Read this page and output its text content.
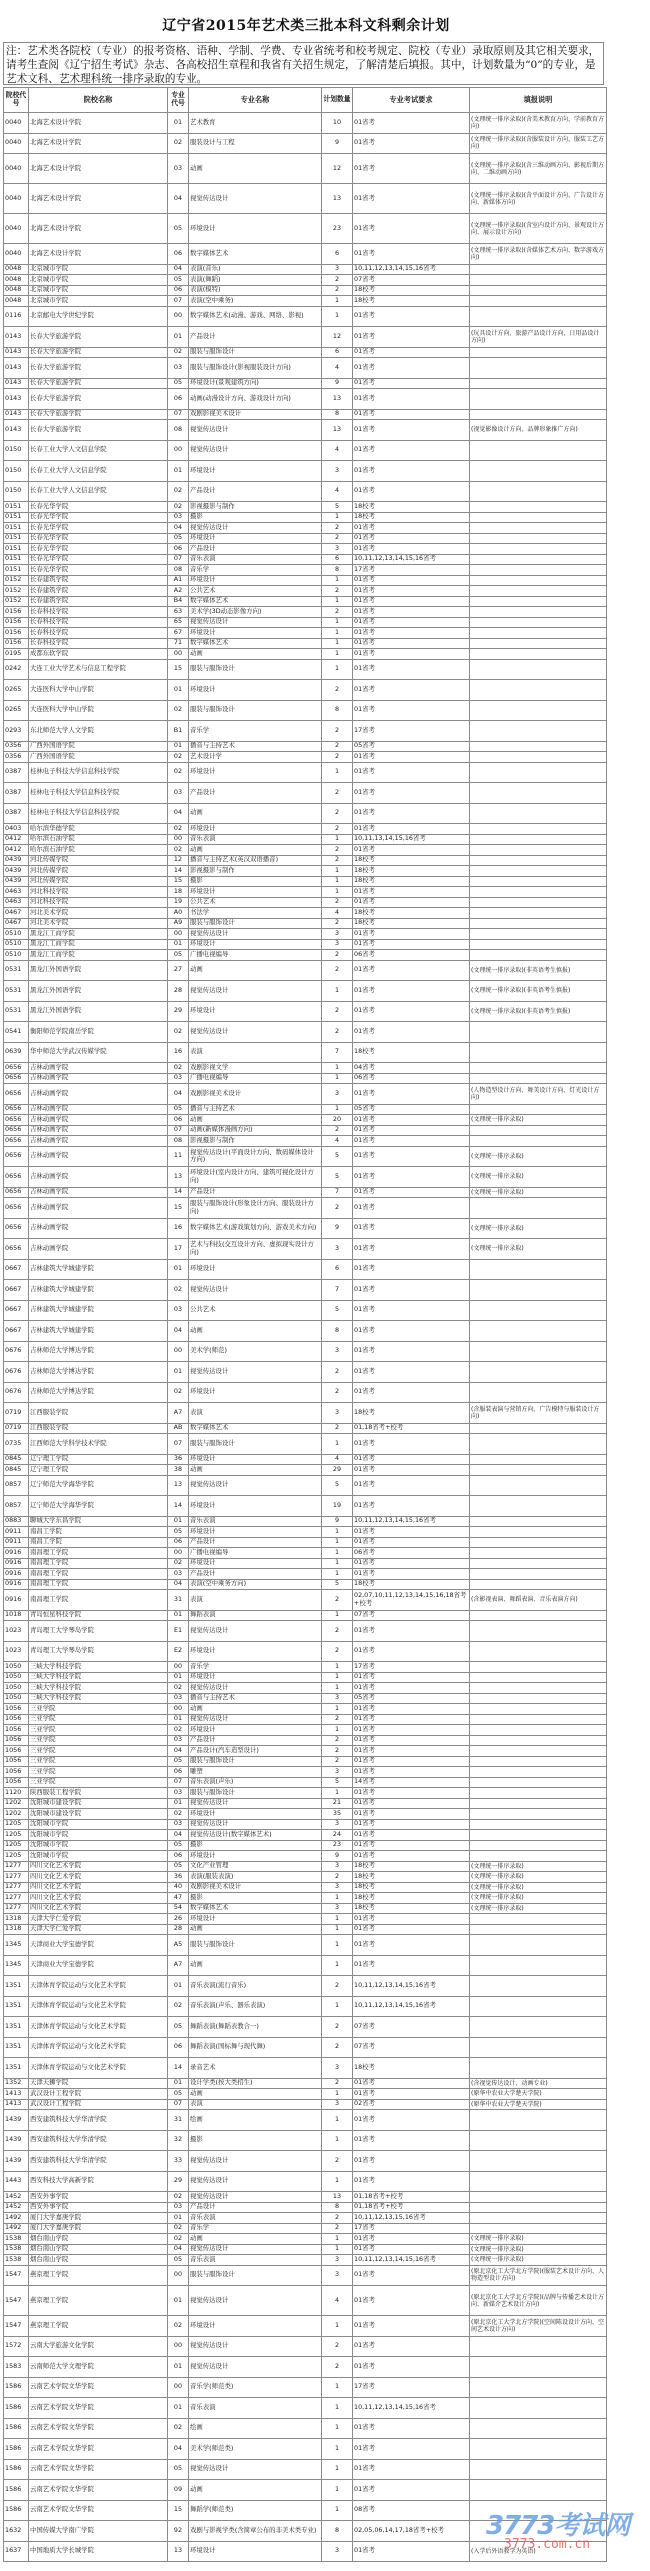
辽宁省2015年艺术类三批本科文科剩余计划
注：艺术类各院校（专业）的报考资格、语种、学制、学费、专业省统考和校考规定、院校（专业）录取原则及其它相关要求，请考生查阅《辽宁招生考试》杂志、各高校招生章程和我省有关招生规定，了解清楚后填报。其中，计划数量为“0”的专业，是艺术文科、艺术理科统一排序录取的专业。
院校代号	院校名称	专业代号	专业名称	计划数量	专业考试要求	填报说明
0040	北海艺术设计学院	01	艺术教育	10	01省考	(文理统一排序录取)(含美术教育方向、学前教育方向)
0040	北海艺术设计学院	02	服装设计与工程	9	01省考	(文理统一排序录取)(含服装设计方向、服装工艺方向)
0040	北海艺术设计学院	03	动画	12	01省考	(文理统一排序录取)(含三维动画方向、影视后期方向、二维动画方向)
0040	北海艺术设计学院	04	视觉传达设计	13	01省考	(文理统一排序录取)(含平面设计方向、广告设计方向、新媒体方向)
0040	北海艺术设计学院	05	环境设计	23	01省考	(文理统一排序录取)(含室内设计方向、景观设计方向、展示设计方向)
0040	北海艺术设计学院	06	数字媒体艺术	6	01省考	(文理统一排序录取)(含媒体艺术方向、数字游戏方向)
0048	北京城市学院	04	表演(音乐)	3	10,11,12,13,14,15,16省考	
0048	北京城市学院	05	表演(舞蹈)	2	07省考	
0048	北京城市学院	06	表演(模特)	2	18校考	
0048	北京城市学院	07	表演(空中乘务)	1	18校考	
0116	北京邮电大学世纪学院	00	数字媒体艺术(动漫、游戏、网络、影视)	1	01省考	
0143	长春大学旅游学院	01	产品设计	12	01省考	(玩具设计方向、旅游产品设计方向、日用品设计方向)
0143	长春大学旅游学院	02	服装与服饰设计	6	01省考	
0143	长春大学旅游学院	03	服装与服饰设计(影视服装设计方向)	4	01省考	
0143	长春大学旅游学院	05	环境设计(景观建筑方向)	9	01省考	
0143	长春大学旅游学院	06	动画(动漫设计方向、游戏设计方向)	13	01省考	
0143	长春大学旅游学院	07	戏剧影视美术设计	8	01省考	
0143	长春大学旅游学院	08	视觉传达设计	13	01省考	(视觉影像设计方向、品牌形象推广方向)
0150	长春工业大学人文信息学院	00	视觉传达设计	4	01省考	
0150	长春工业大学人文信息学院	01	环境设计	3	01省考	
0150	长春工业大学人文信息学院	02	产品设计	4	01省考	
0151	长春光华学院	02	影视摄影与制作	5	18校考	
0151	长春光华学院	03	摄影	1	18校考	
0151	长春光华学院	04	视觉传达设计	2	01省考	
0151	长春光华学院	05	环境设计	2	01省考	
0151	长春光华学院	06	产品设计	3	01省考	
0151	长春光华学院	07	音乐表演	6	10,11,12,13,14,15,16省考	
0151	长春光华学院	08	音乐学	8	17省考	
0152	长春建筑学院	A1	环境设计	1	01省考	
0152	长春建筑学院	A2	公共艺术	2	01省考	
0152	长春建筑学院	B4	数字媒体艺术	1	01省考	
0156	长春科技学院	63	美术学(3D动态影像方向)	2	01省考	
0156	长春科技学院	65	视觉传达设计	1	01省考	
0156	长春科技学院	67	环境设计	1	01省考	
0156	长春科技学院	71	数字媒体艺术	1	01省考	
0195	成都东软学院	00	动画	1	01省考	
0242	大连工业大学艺术与信息工程学院	15	服装与服饰设计	1	01省考	
0265	大连医科大学中山学院	01	环境设计	2	01省考	
0265	大连医科大学中山学院	02	服装与服饰设计	8	01省考	
0293	东北师范大学人文学院	B1	音乐学	2	17省考	
0356	广西外国语学院	01	播音与主持艺术	2	05省考	
0356	广西外国语学院	02	艺术设计学	2	01省考	
0387	桂林电子科技大学信息科技学院	02	环境设计	1	01省考	
0387	桂林电子科技大学信息科技学院	03	产品设计	2	01省考	
0387	桂林电子科技大学信息科技学院	04	动画	2	01省考	
0403	哈尔滨华德学院	02	环境设计	2	01省考	
0412	哈尔滨石油学院	00	音乐表演	1	10,11,13,14,15,16省考	
0412	哈尔滨石油学院	02	动画	2	01省考	
0439	河北传媒学院	12	播音与主持艺术(英汉双语播音)	2	18校考	
0439	河北传媒学院	14	影视摄影与制作	1	18校考	
0439	河北传媒学院	15	摄影	1	18校考	
0463	河北科技学院	18	环境设计	1	01省考	
0463	河北科技学院	19	公共艺术	2	01省考	
0467	河北美术学院	A0	书法学	4	18校考	
0467	河北美术学院	A9	服装与服饰设计	2	18校考	
0510	黑龙江工商学院	00	视觉传达设计	3	01省考	
0510	黑龙江工商学院	01	环境设计	3	01省考	
0510	黑龙江工商学院	05	广播电视编导	2	06省考	
0531	黑龙江外国语学院	27	动画	2	01省考	(文理统一排序录取)(非英语考生慎报)
0531	黑龙江外国语学院	28	视觉传达设计	1	01省考	(文理统一排序录取)(非英语考生慎报)
0531	黑龙江外国语学院	29	环境设计	2	01省考	(文理统一排序录取)(非英语考生慎报)
0541	衡阳师范学院南岳学院	02	视觉传达设计	2	01省考	
0639	华中师范大学武汉传媒学院	16	表演	7	18校考	
0656	吉林动画学院	02	戏剧影视文学	1	04省考	
0656	吉林动画学院	03	广播电视编导	1	06省考	
0656	吉林动画学院	04	戏剧影视美术设计	3	01省考	(人物造型设计方向、舞美设计方向、灯光设计方向)
0656	吉林动画学院	05	播音与主持艺术	1	05省考	
0656	吉林动画学院	06	动画	20	01省考	(文理统一排序录取)
0656	吉林动画学院	07	动画(新媒体漫画方向)	2	01省考	
0656	吉林动画学院	08	影视摄影与制作	4	01省考	
0656	吉林动画学院	11	视觉传达设计(平面设计方向、数码媒体设计方向)	5	01省考	(文理统一排序录取)
0656	吉林动画学院	13	环境设计(室内设计方向、建筑可视化设计方向)	5	01省考	(文理统一排序录取)
0656	吉林动画学院	14	产品设计	7	01省考	(文理统一排序录取)
0656	吉林动画学院	15	服装与服饰设计(形象设计方向、服装设计方向)	2	01省考	
0656	吉林动画学院	16	数字媒体艺术(游戏策划方向、游戏美术方向)	9	01省考	(文理统一排序录取)
0656	吉林动画学院	17	艺术与科技(交互设计方向、虚拟现实设计方向)	3	01省考	(文理统一排序录取)
0667	吉林建筑大学城建学院	01	环境设计	6	01省考	
0667	吉林建筑大学城建学院	02	视觉传达设计	7	01省考	
0667	吉林建筑大学城建学院	03	公共艺术	5	01省考	
0667	吉林建筑大学城建学院	04	动画	8	01省考	
0676	吉林师范大学博达学院	00	美术学(师范)	3	01省考	
0676	吉林师范大学博达学院	01	视觉传达设计	2	01省考	
0676	吉林师范大学博达学院	02	环境设计	2	01省考	
0719	江西服装学院	A7	表演	3	18校考	(含服装表演与营销方向、广告模特与服装设计方向)
0719	江西服装学院	AB	数字媒体艺术	2	01,18省考+校考	
0735	江西师范大学科学技术学院	07	服装与服饰设计	1	01省考	
0845	辽宁理工学院	36	环境设计	4	01省考	
0845	辽宁理工学院	38	动画	29	01省考	
0857	辽宁师范大学海华学院	13	视觉传达设计	5	01省考	
0857	辽宁师范大学海华学院	14	环境设计	19	01省考	
0883	聊城大学东昌学院	01	音乐表演	9	10,11,12,13,14,15,16省考	
0911	南昌工学院	05	环境设计	1	01省考	
0911	南昌工学院	06	产品设计	1	01省考	
0916	南昌理工学院	00	广播电视编导	1	06省考	
0916	南昌理工学院	02	环境设计	1	01省考	
0916	南昌理工学院	03	产品设计	1	01省考	
0916	南昌理工学院	04	表演(空中乘务方向)	5	18校考	
0916	南昌理工学院	31	表演	2	02,07,10,11,12,13,14,15,16,18省考+校考	(含影视表演、舞蹈表演、音乐表演方向)
1018	青岛恒星科技学院	01	舞蹈表演	1	07省考	
1023	青岛理工大学琴岛学院	E1	视觉传达设计	2	01省考	
1023	青岛理工大学琴岛学院	E2	环境设计	2	01省考	
1050	三峡大学科技学院	00	音乐学	1	17省考	
1050	三峡大学科技学院	01	环境设计	1	01省考	
1050	三峡大学科技学院	02	视觉传达设计	1	01省考	
1050	三峡大学科技学院	03	播音与主持艺术	3	05省考	
1056	三亚学院	00	动画	1	01省考	
1056	三亚学院	01	视觉传达设计	2	01省考	
1056	三亚学院	02	环境设计	1	01省考	
1056	三亚学院	03	产品设计	2	01省考	
1056	三亚学院	04	产品设计(汽车造型设计)	2	01省考	
1056	三亚学院	05	服装与服饰设计	2	01省考	
1056	三亚学院	06	雕塑	3	01省考	
1056	三亚学院	07	音乐表演(声乐)	5	14省考	
1120	陕西服装工程学院	03	服装与服饰设计	1	01省考	
1202	沈阳城市建设学院	01	视觉传达设计	21	01省考	
1202	沈阳城市建设学院	02	环境设计	35	01省考	
1205	沈阳城市学院	03	视觉传达设计	3	01省考	
1205	沈阳城市学院	04	视觉传达设计(数字媒体艺术)	24	01省考	
1205	沈阳城市学院	05	摄影	23	01省考	
1205	沈阳城市学院	06	环境设计	9	01省考	
1277	四川文化艺术学院	05	文化产业管理	3	18校考	(文理统一排序录取)
1277	四川文化艺术学院	36	表演(服装表演)	2	18校考	(文理统一排序录取)
1277	四川文化艺术学院	40	戏剧影视美术设计	3	18校考	(文理统一排序录取)
1277	四川文化艺术学院	47	摄影	1	18校考	(文理统一排序录取)
1277	四川文化艺术学院	54	数字媒体艺术	3	18校考	(文理统一排序录取)
1318	天津大学仁爱学院	26	环境设计	1	01省考	
1318	天津大学仁爱学院	28	动画	1	01省考	
1345	天津商业大学宝德学院	A5	服装与服饰设计	1	01省考	
1345	天津商业大学宝德学院	A7	动画	1	01省考	
1351	天津体育学院运动与文化艺术学院	01	音乐表演(流行音乐)	2	10,11,12,13,14,15,16省考	
1351	天津体育学院运动与文化艺术学院	02	音乐表演(声乐、器乐表演)	1	10,11,12,13,14,15,16省考	
1351	天津体育学院运动与文化艺术学院	05	舞蹈表演(舞蹈表教合一)	2	07省考	
1351	天津体育学院运动与文化艺术学院	06	舞蹈表演(国标舞与现代舞)	2	07省考	
1351	天津体育学院运动与文化艺术学院	14	录音艺术	3	18校考	
1352	天津天狮学院	01	设计学类(按大类招生)	2	01省考	(含视觉传达设计、动画专业)
1413	武汉设计工程学院	05	动画	1	01省考	(原华中农业大学楚天学院)
1413	武汉设计工程学院	07	表演	3	02省考	(原华中农业大学楚天学院)
1439	西安建筑科技大学华清学院	31	绘画	1	01省考	
1439	西安建筑科技大学华清学院	32	摄影	1	01省考	
1439	西安建筑科技大学华清学院	33	视觉传达设计	2	01省考	
1443	西安科技大学高新学院	29	视觉传达设计	1	01省考	
1452	西安外事学院	02	视觉传达设计	13	01,18省考+校考	
1452	西安外事学院	03	产品设计	8	01,18省考+校考	
1492	厦门大学嘉庚学院	01	音乐表演	2	10,11,12,13,15,16省考	
1492	厦门大学嘉庚学院	02	音乐学	2	17省考	
1538	烟台南山学院	02	动画	1	01省考	(文理统一排序录取)
1538	烟台南山学院	04	视觉传达设计	1	01省考	(文理统一排序录取)
1538	烟台南山学院	05	音乐表演	3	10,11,12,13,14,15,16省考	(文理统一排序录取)
1547	燕京理工学院	00	服装与服饰设计	3	01省考	(原北京化工大学北方学院)(服装艺术设计方向、人物造型设计方向)
1547	燕京理工学院	01	视觉传达设计	4	01省考	(原北京化工大学北方学院)(品牌与传播艺术设计方向、新媒介艺术设计方向)
1547	燕京理工学院	02	环境设计	1	01省考	(原北京化工大学北方学院)(空间陈设设计方向、空间艺术设计方向)
1572	云南大学旅游文化学院	00	视觉传达设计	2	01省考	
1583	云南师范大学文理学院	01	视觉传达设计	2	01省考	
1586	云南艺术学院文华学院	00	音乐学(师范类)	1	17省考	
1586	云南艺术学院文华学院	01	音乐表演	1	10,11,12,13,14,15,16省考	
1586	云南艺术学院文华学院	02	绘画	1	01省考	
1586	云南艺术学院文华学院	04	美术学(师范类)	1	01省考	
1586	云南艺术学院文华学院	05	视觉传达设计	1	01省考	
1586	云南艺术学院文华学院	09	动画	1	01省考	
1586	云南艺术学院文华学院	15	舞蹈学(师范类)	1	08省考	
1632	中国传媒大学南广学院	92	戏剧与影视学类(含简章公布的非美术类专业)	8	02,05,06,14,17,18省考+校考	
1637	中国地质大学长城学院	13	环境设计	3	01省考	(入学后外语教学为英语)
3773考试网
3773.com.cn
